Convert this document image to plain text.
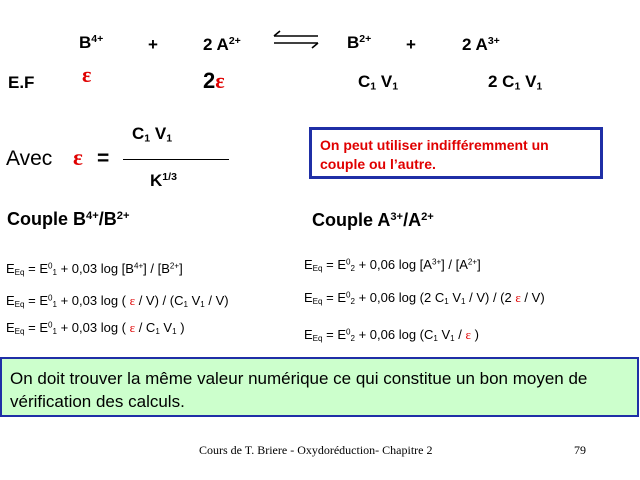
$B^{4+}$	+	2 $A^{2+}$	$B^{2+}$ +	2 $A^{3+}$
E.F ε	2ε	$C_1$ $V_1$	2 $C_1$ $V_1$
Avec ε =
$C_1$ $V_1$
$K^{1/3}$
On peut utiliser indifféremment un couple ou l’autre.
Couple $B^{4+}/B^{2+}$	Couple $A^{3+}/A^{2+}$
$E_{Eq} = E^0_1 + 0,03$ $\log [B^{4+}] / [B^{2+}]$
$E_{Eq} = E^0_1 + 0,03$ log ( ε / $V) / (C_1$ $V_1 / V$)
$E_{Eq} = E^0_1 + 0,03$ log ( ε / $C_1$ $V_1$ )
$E_{Eq} = E^0_2 + 0,06$ $\log [A^{3+}] / [A^{2+}]$
$E_{Eq} = E^0_2 + 0,06$ log (2 $C_1$ $V_1 / V) / (2$ ε / V)
$E_{Eq} = E^0_2 + 0,06$ $\log (C_1$ $V_1$ / ε )
On doit trouver la même valeur numérique ce qui constitue un bon moyen de vérification des calculs.
Cours de T. Briere - Oxydoréduction- Chapitre 2	79
